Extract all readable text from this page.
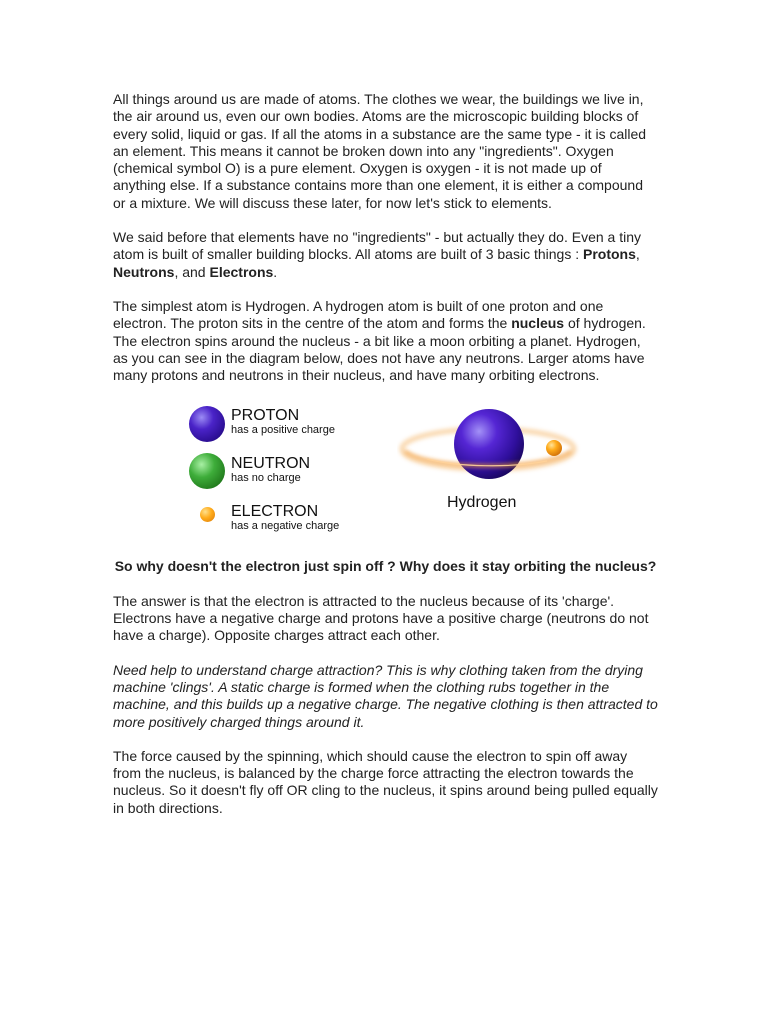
All things around us are made of atoms. The clothes we wear, the buildings we live in, the air around us, even our own bodies. Atoms are the microscopic building blocks of every solid, liquid or gas. If all the atoms in a substance are the same type - it is called an element. This means it cannot be broken down into any "ingredients". Oxygen (chemical symbol O) is a pure element. Oxygen is oxygen - it is not made up of anything else. If a substance contains more than one element, it is either a compound or a mixture. We will discuss these later, for now let's stick to elements.

We said before that elements have no "ingredients" - but actually they do. Even a tiny atom is built of smaller building blocks. All atoms are built of 3 basic things : Protons, Neutrons, and Electrons.

The simplest atom is Hydrogen. A hydrogen atom is built of one proton and one electron. The proton sits in the centre of the atom and forms the nucleus of hydrogen. The electron spins around the nucleus - a bit like a moon orbiting a planet. Hydrogen, as you can see in the diagram below, does not have any neutrons. Larger atoms have many protons and neutrons in their nucleus, and have many orbiting electrons.

PROTON
has a positive charge
NEUTRON
has no charge
ELECTRON
has a negative charge
Hydrogen

So why doesn't the electron just spin off ? Why does it stay orbiting the nucleus?

The answer is that the electron is attracted to the nucleus because of its 'charge'. Electrons have a negative charge and protons have a positive charge (neutrons do not have a charge). Opposite charges attract each other.

Need help to understand charge attraction? This is why clothing taken from the drying machine 'clings'. A static charge is formed when the clothing rubs together in the machine, and this builds up a negative charge. The negative clothing is then attracted to more positively charged things around it.

The force caused by the spinning, which should cause the electron to spin off away from the nucleus, is balanced by the charge force attracting the electron towards the nucleus. So it doesn't fly off OR cling to the nucleus, it spins around being pulled equally in both directions.
